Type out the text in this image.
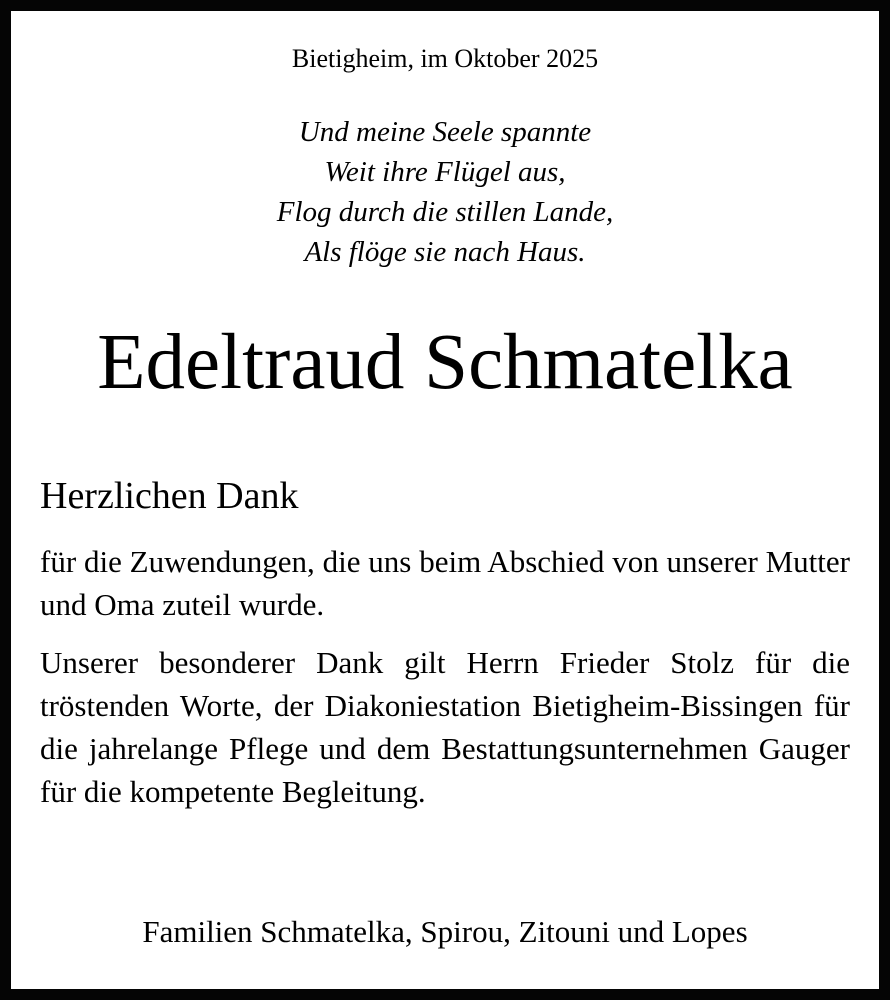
Bietigheim, im Oktober 2025
Und meine Seele spannte
Weit ihre Flügel aus,
Flog durch die stillen Lande,
Als flöge sie nach Haus.
Edeltraud Schmatelka
Herzlichen Dank
für die Zuwendungen, die uns beim Abschied von unserer Mutter und Oma zuteil wurde.
Unserer besonderer Dank gilt Herrn Frieder Stolz für die tröstenden Worte, der Diakoniestation Bietigheim-Bissingen für die jahrelange Pflege und dem Bestattungsunternehmen Gauger für die kompetente Begleitung.
Familien Schmatelka, Spirou, Zitouni und Lopes
